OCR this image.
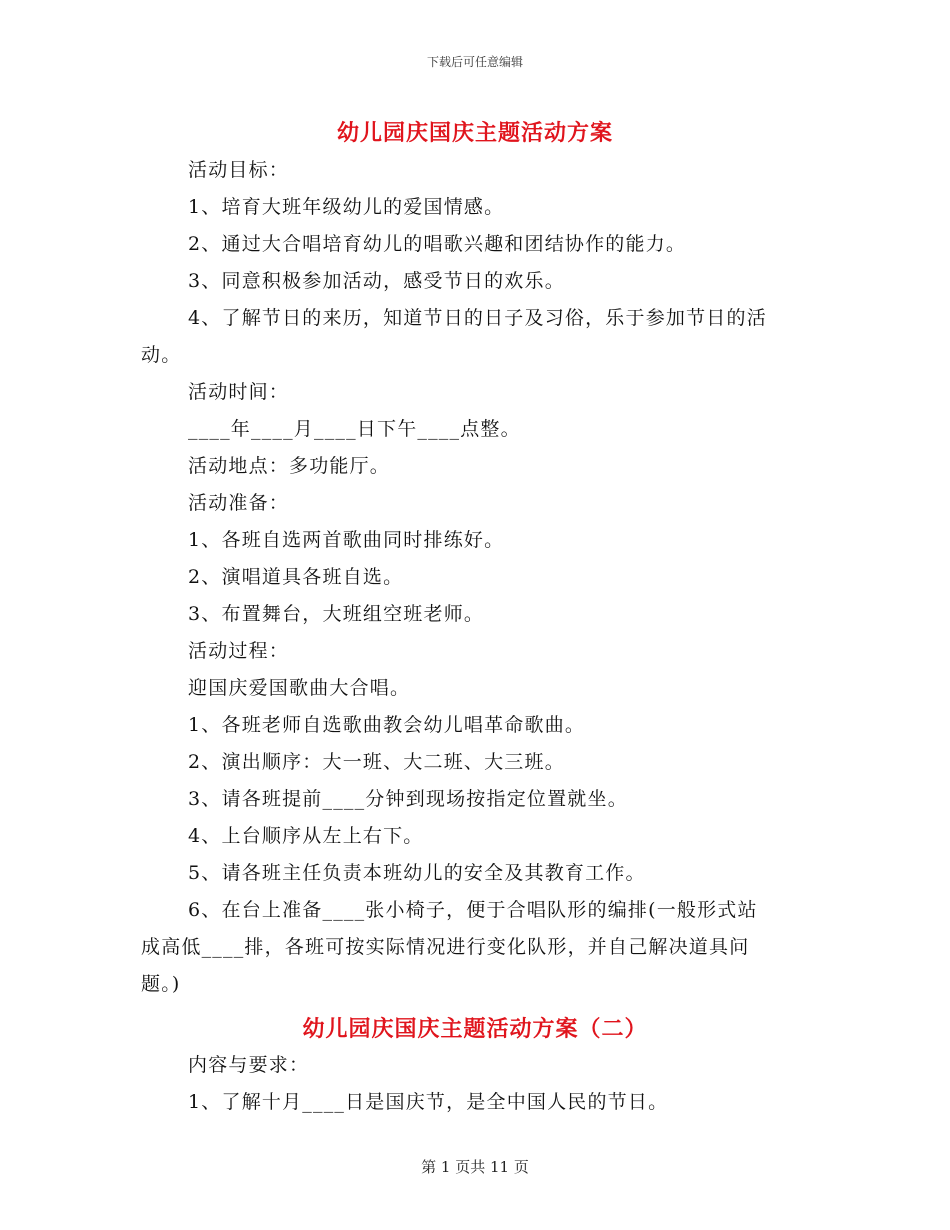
下载后可任意编辑
幼儿园庆国庆主题活动方案
活动目标：
1、培育大班年级幼儿的爱国情感。
2、通过大合唱培育幼儿的唱歌兴趣和团结协作的能力。
3、同意积极参加活动，感受节日的欢乐。
4、了解节日的来历，知道节日的日子及习俗，乐于参加节日的活
动。
活动时间：
____年____月____日下午____点整。
活动地点：多功能厅。
活动准备：
1、各班自选两首歌曲同时排练好。
2、演唱道具各班自选。
3、布置舞台，大班组空班老师。
活动过程：
迎国庆爱国歌曲大合唱。
1、各班老师自选歌曲教会幼儿唱革命歌曲。
2、演出顺序：大一班、大二班、大三班。
3、请各班提前____分钟到现场按指定位置就坐。
4、上台顺序从左上右下。
5、请各班主任负责本班幼儿的安全及其教育工作。
6、在台上准备____张小椅子，便于合唱队形的编排(一般形式站
成高低____排，各班可按实际情况进行变化队形，并自己解决道具问
题。)
幼儿园庆国庆主题活动方案（二）
内容与要求：
1、了解十月____日是国庆节，是全中国人民的节日。
第 1 页共 11 页
